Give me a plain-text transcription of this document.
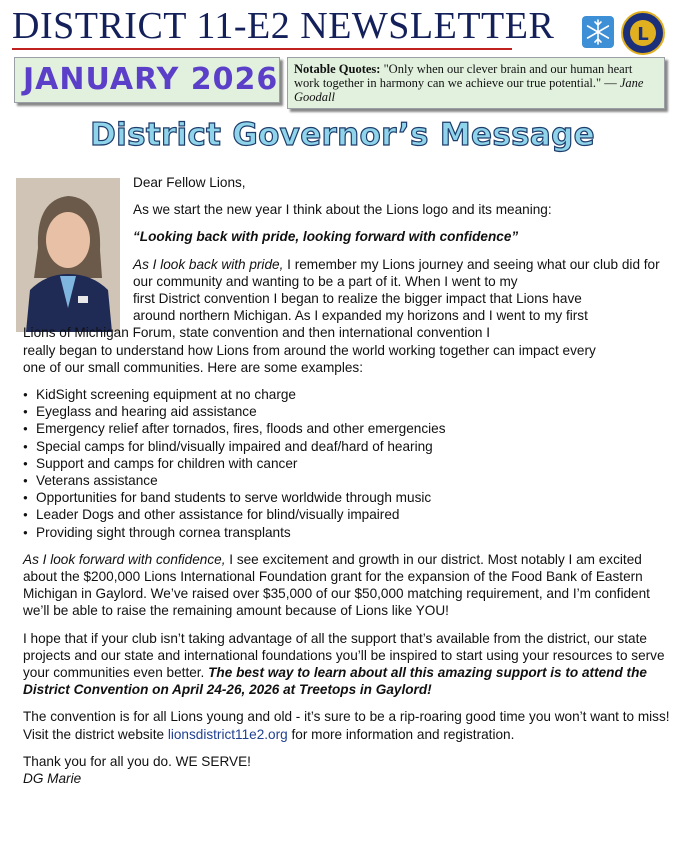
DISTRICT 11-E2 NEWSLETTER	L
JANUARY 2026	Notable Quotes: "Only when our clever brain and our human heart work together in harmony can we achieve our true potential." — Jane Goodall
District Governor’s Message

Dear Fellow Lions,

As we start the new year I think about the Lions logo and its meaning:

“Looking back with pride, looking forward with confidence”

As I look back with pride, I remember my Lions journey and seeing what our club did for

our community and wanting to be a part of it. When I went to my

first District convention I began to realize the bigger impact that Lions have

around northern Michigan. As I expanded my horizons and I went to my first

Lions of Michigan Forum, state convention and then international convention I

really began to understand how Lions from around the world working together can impact every

one of our small communities. Here are some examples:

● KidSight screening equipment at no charge
● Eyeglass and hearing aid assistance
● Emergency relief after tornados, fires, floods and other emergencies
● Special camps for blind/visually impaired and deaf/hard of hearing
● Support and camps for children with cancer
● Veterans assistance
● Opportunities for band students to serve worldwide through music
● Leader Dogs and other assistance for blind/visually impaired
● Providing sight through cornea transplants

As I look forward with confidence, I see excitement and growth in our district. Most notably I am excited about the $200,000 Lions International Foundation grant for the expansion of the Food Bank of Eastern Michigan in Gaylord. We’ve raised over $35,000 of our $50,000 matching requirement, and I’m confident we’ll be able to raise the remaining amount because of Lions like YOU!

I hope that if your club isn’t taking advantage of all the support that’s available from the district, our state projects and our state and international foundations you’ll be inspired to start using your resources to serve your communities even better. The best way to learn about all this amazing support is to attend the District Convention on April 24-26, 2026 at Treetops in Gaylord!

The convention is for all Lions young and old - it’s sure to be a rip-roaring good time you won’t want to miss! Visit the district website lionsdistrict11e2.org for more information and registration.

Thank you for all you do. WE SERVE!

DG Marie
